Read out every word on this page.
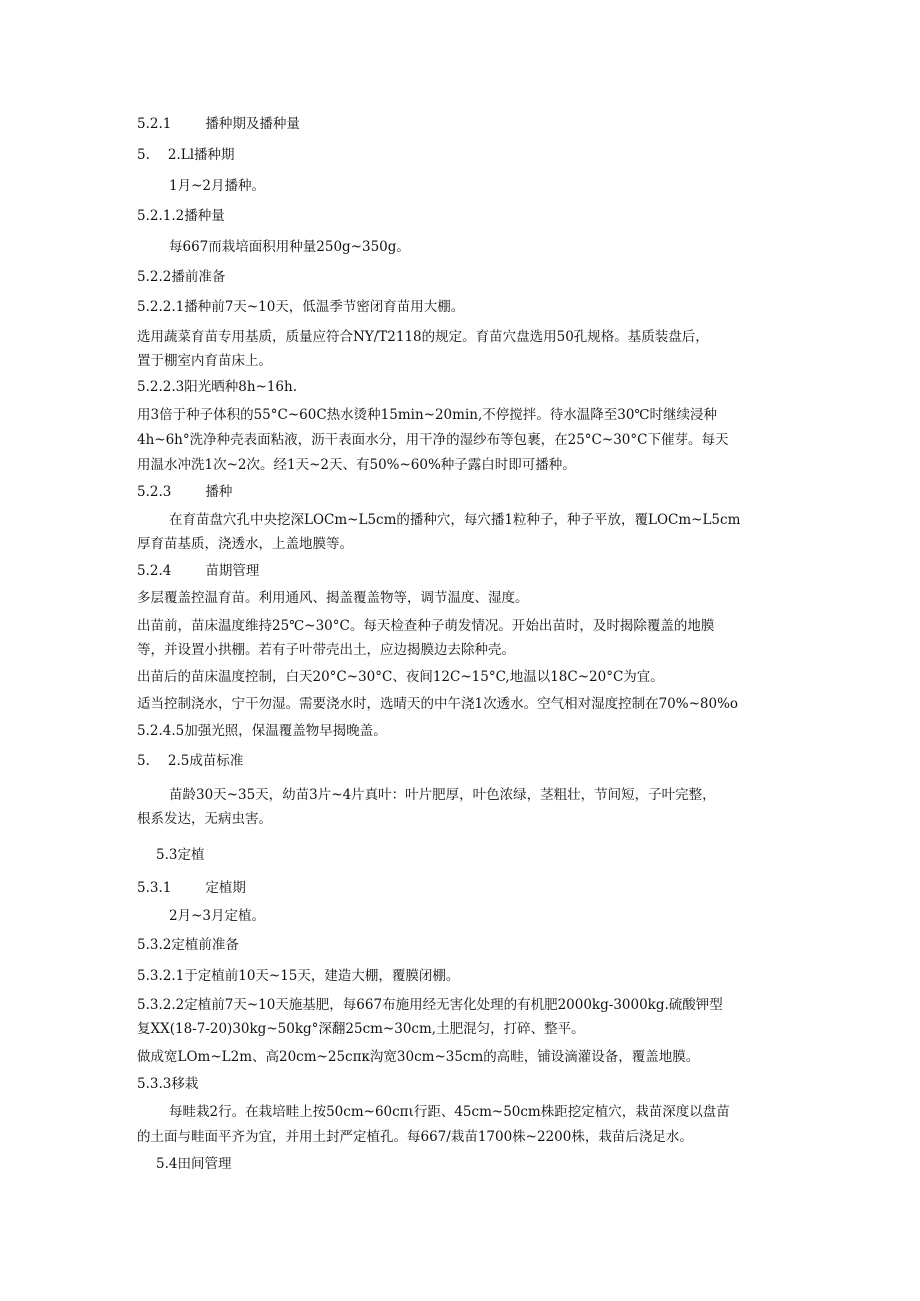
5.2.1	播种期及播种量
5. 2.Ll播种期
1月~2月播种。
5.2.1.2播种量
每667而栽培面积用种量250g~350g。
5.2.2播前准备
5.2.2.1播种前7天~10天，低温季节密闭育苗用大棚。
选用蔬菜育苗专用基质，质量应符合NY/T2118的规定。育苗穴盘选用50孔规格。基质装盘后，
置于棚室内育苗床上。
5.2.2.3阳光晒种8h~16h.
用3倍于种子体积的55°C~60C热水烫种15min~20min,不停搅拌。待水温降至30℃时继续浸种
4h~6h°洗净种壳表面粘液，沥干表面水分，用干净的湿纱布等包裹，在25°C~30°C下催芽。每天
用温水冲洗1次~2次。经1天~2天、有50%~60%种子露白时即可播种。
5.2.3	播种
在育苗盘穴孔中央挖深LOCm~L5cm的播种穴，每穴播1粒种子，种子平放，覆LOCm~L5cm
厚育苗基质，浇透水，上盖地膜等。
5.2.4	苗期管理
多层覆盖控温育苗。利用通风、揭盖覆盖物等，调节温度、湿度。
出苗前，苗床温度维持25℃~30°C。每天检查种子萌发情况。开始出苗时，及时揭除覆盖的地膜
等，并设置小拱棚。若有子叶带壳出土，应边揭膜边去除种壳。
出苗后的苗床温度控制，白天20°C~30°C、夜间12C~15°C,地温以18C~20°C为宜。
适当控制浇水，宁干勿湿。需要浇水时，选晴天的中午浇1次透水。空气相对湿度控制在70%~80%o
5.2.4.5加强光照，保温覆盖物早揭晚盖。
5. 2.5成苗标准
苗龄30天~35天，幼苗3片~4片真叶：叶片肥厚，叶色浓绿，茎粗壮，节间短，子叶完整，
根系发达，无病虫害。
5.3定植
5.3.1	定植期
2月~3月定植。
5.3.2定植前准备
5.3.2.1于定植前10天~15天，建造大棚，覆膜闭棚。
5.3.2.2定植前7天~10天施基肥，每667布施用经无害化处理的有机肥2000kg-3000kg.硫酸钾型
复XX(18-7-20)30kg~50kg°深翻25cm~30cm,土肥混匀，打碎、整平。
做成宽LOm~L2m、高20cm~25cπκ沟宽30cm~35cm的高畦，铺设滴灌设备，覆盖地膜。
5.3.3移栽
每畦栽2行。在栽培畦上按50cm~60cπι行距、45cm~50cm株距挖定植穴，栽苗深度以盘苗
的土面与畦面平齐为宜，并用土封严定植孔。每667/栽苗1700株~2200株，栽苗后浇足水。
5.4田间管理
